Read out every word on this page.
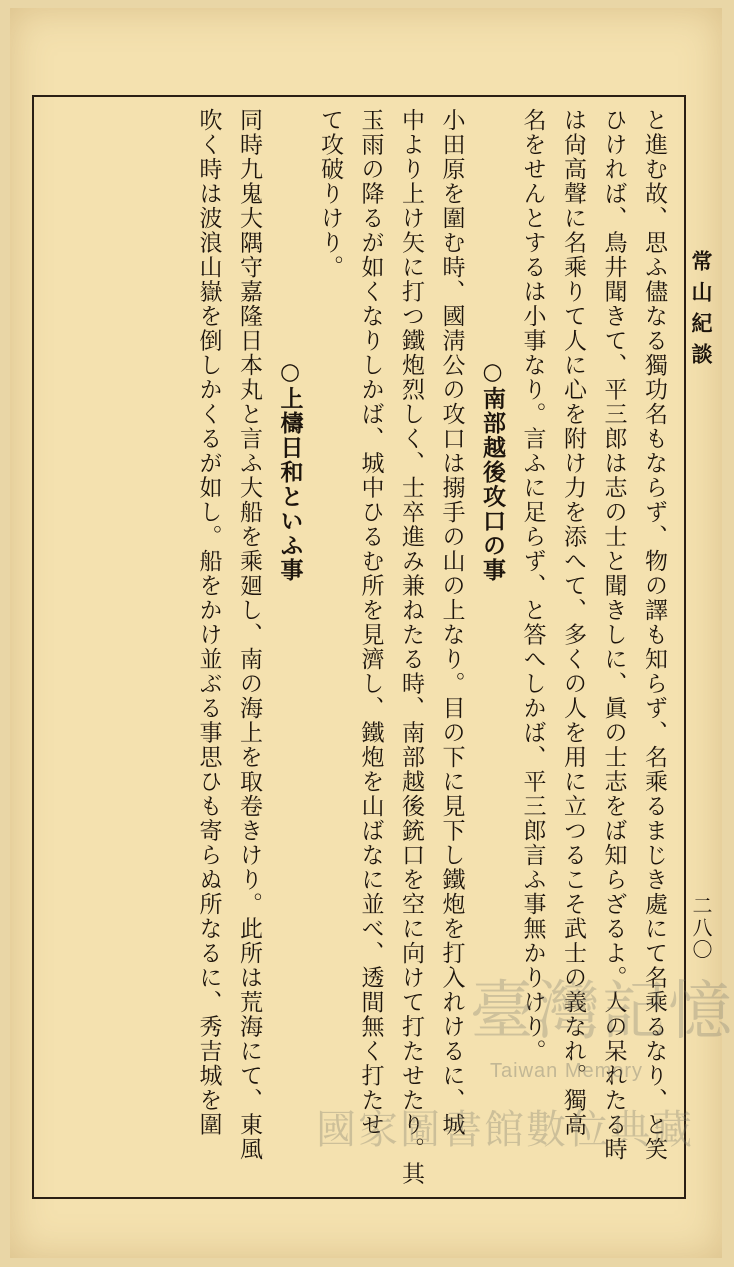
常山紀談
二八〇

と進む故、思ふ儘なる獨功名もならず、物の譯も知らず、名乘るまじき處にて名乘るなり、と笑

ひければ、鳥井聞きて、平三郎は志の士と聞きしに、眞の士志をば知らざるよ。人の呆れたる時

は尙高聲に名乘りて人に心を附け力を添へて、多くの人を用に立つるこそ武士の義なれ。獨高

名をせんとするは小事なり。言ふに足らず、と答へしかば、平三郎言ふ事無かりけり。

○南部越後攻口の事

小田原を圍む時、國淸公の攻口は搦手の山の上なり。目の下に見下し鐵炮を打入れけるに、城

中より上け矢に打つ鐵炮烈しく、士卒進み兼ねたる時、南部越後銃口を空に向けて打たせたり。其

玉雨の降るが如くなりしかば、城中ひるむ所を見濟し、鐵炮を山ばなに並べ、透間無く打たせ

て攻破りけり。

○上檮日和といふ事

同時九鬼大隅守嘉隆日本丸と言ふ大船を乘廻し、南の海上を取卷きけり。此所は荒海にて、東風

吹く時は波浪山嶽を倒しかくるが如し。船をかけ並ぶる事思ひも寄らぬ所なるに、秀吉城を圍	臺灣記憶
Taiwan Memory
國家圖書館數位典藏
